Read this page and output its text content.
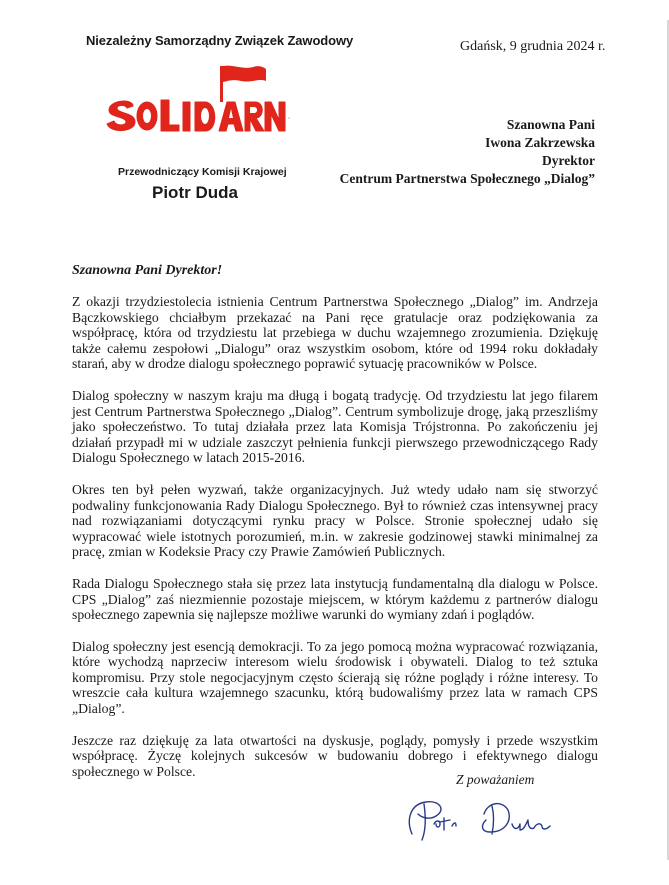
Niezależny Samorządny Związek Zawodowy	Gdańsk, 9 grudnia 2024 r.
Przewodniczący Komisji Krajowej
Piotr Duda
Szanowna Pani
Iwona Zakrzewska
Dyrektor
Centrum Partnerstwa Społecznego „Dialog”
Szanowna Pani Dyrektor!

Z okazji trzydziestolecia istnienia Centrum Partnerstwa Społecznego „Dialog” im. Andrzeja Bączkowskiego chciałbym przekazać na Pani ręce gratulacje oraz podziękowania za współpracę, która od trzydziestu lat przebiega w duchu wzajemnego zrozumienia. Dziękuję także całemu zespołowi „Dialogu” oraz wszystkim osobom, które od 1994 roku dokładały starań, aby w drodze dialogu społecznego poprawić sytuację pracowników w Polsce.

Dialog społeczny w naszym kraju ma długą i bogatą tradycję. Od trzydziestu lat jego filarem jest Centrum Partnerstwa Społecznego „Dialog”. Centrum symbolizuje drogę, jaką przeszliśmy jako społeczeństwo. To tutaj działała przez lata Komisja Trójstronna. Po zakończeniu jej działań przypadł mi w udziale zaszczyt pełnienia funkcji pierwszego przewodniczącego Rady Dialogu Społecznego w latach 2015-2016.

Okres ten był pełen wyzwań, także organizacyjnych. Już wtedy udało nam się stworzyć podwaliny funkcjonowania Rady Dialogu Społecznego. Był to również czas intensywnej pracy nad rozwiązaniami dotyczącymi rynku pracy w Polsce. Stronie społecznej udało się wypracować wiele istotnych porozumień, m.in. w zakresie godzinowej stawki minimalnej za pracę, zmian w Kodeksie Pracy czy Prawie Zamówień Publicznych.

Rada Dialogu Społecznego stała się przez lata instytucją fundamentalną dla dialogu w Polsce. CPS „Dialog” zaś niezmiennie pozostaje miejscem, w którym każdemu z partnerów dialogu społecznego zapewnia się najlepsze możliwe warunki do wymiany zdań i poglądów.

Dialog społeczny jest esencją demokracji. To za jego pomocą można wypracować rozwiązania, które wychodzą naprzeciw interesom wielu środowisk i obywateli. Dialog to też sztuka kompromisu. Przy stole negocjacyjnym często ścierają się różne poglądy i różne interesy. To wreszcie cała kultura wzajemnego szacunku, którą budowaliśmy przez lata w ramach CPS „Dialog”.

Jeszcze raz dziękuję za lata otwartości na dyskusje, poglądy, pomysły i przede wszystkim współpracę. Życzę kolejnych sukcesów w budowaniu dobrego i efektywnego dialogu społecznego w Polsce.

Z poważaniem
